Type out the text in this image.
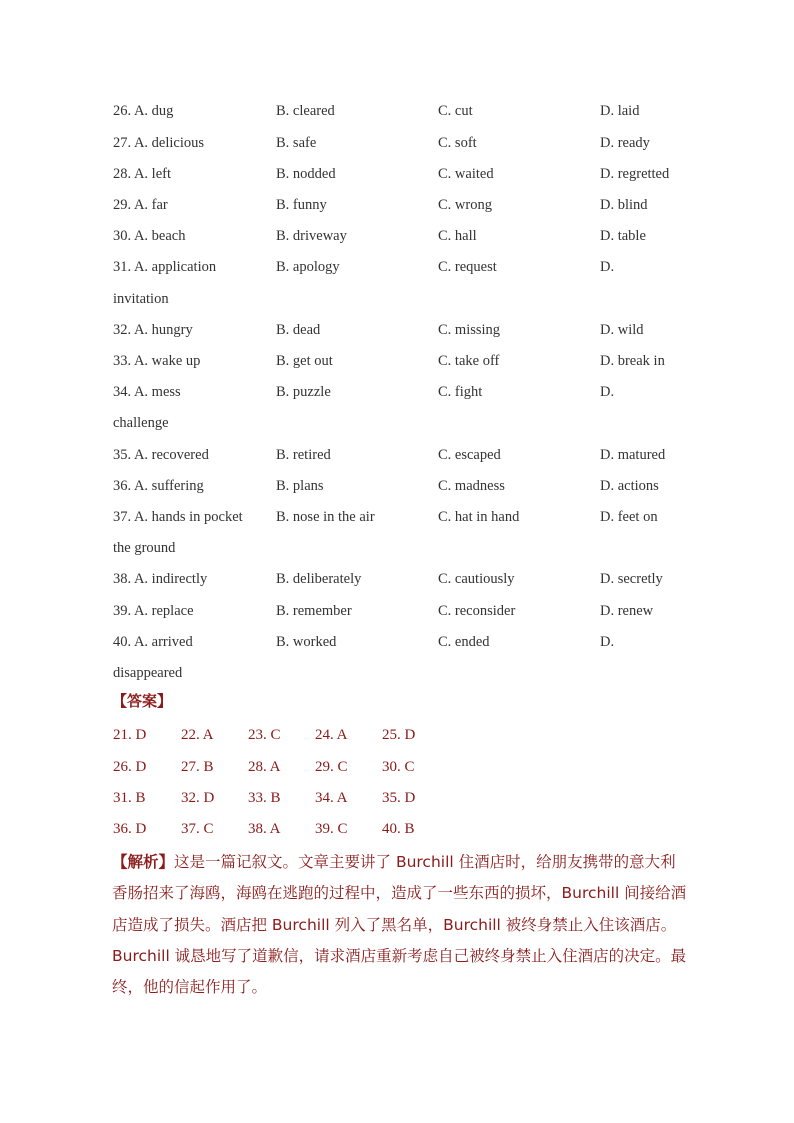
26. A. dug	B. cleared	C. cut	D. laid
27. A. delicious	B. safe	C. soft	D. ready
28. A. left	B. nodded	C. waited	D. regretted
29. A. far	B. funny	C. wrong	D. blind
30. A. beach	B. driveway	C. hall	D. table
31. A. application	B. apology	C. request	D.
invitation
32. A. hungry	B. dead	C. missing	D. wild
33. A. wake up	B. get out	C. take off	D. break in
34. A. mess	B. puzzle	C. fight	D.
challenge
35. A. recovered	B. retired	C. escaped	D. matured
36. A. suffering	B. plans	C. madness	D. actions
37. A. hands in pocket B. nose in the air	C. hat in hand	D. feet on
the ground
38. A. indirectly	B. deliberately	C. cautiously	D. secretly
39. A. replace	B. remember	C. reconsider	D. renew
40. A. arrived	B. worked	C. ended	D.
disappeared
【答案】
21. D 22. A 23. C 24. A 25. D
26. D 27. B 28. A 29. C 30. C
31. B 32. D 33. B 34. A 35. D
36. D 37. C 38. A 39. C 40. B
【解析】这是一篇记叙文。文章主要讲了 Burchill 住酒店时，给朋友携带的意大利香肠招来了海鸥，海鸥在逃跑的过程中，造成了一些东西的损坏，Burchill 间接给酒店造成了损失。酒店把 Burchill 列入了黑名单，Burchill 被终身禁止入住该酒店。Burchill 诚恳地写了道歉信，请求酒店重新考虑自己被终身禁止入住酒店的决定。最终，他的信起作用了。
